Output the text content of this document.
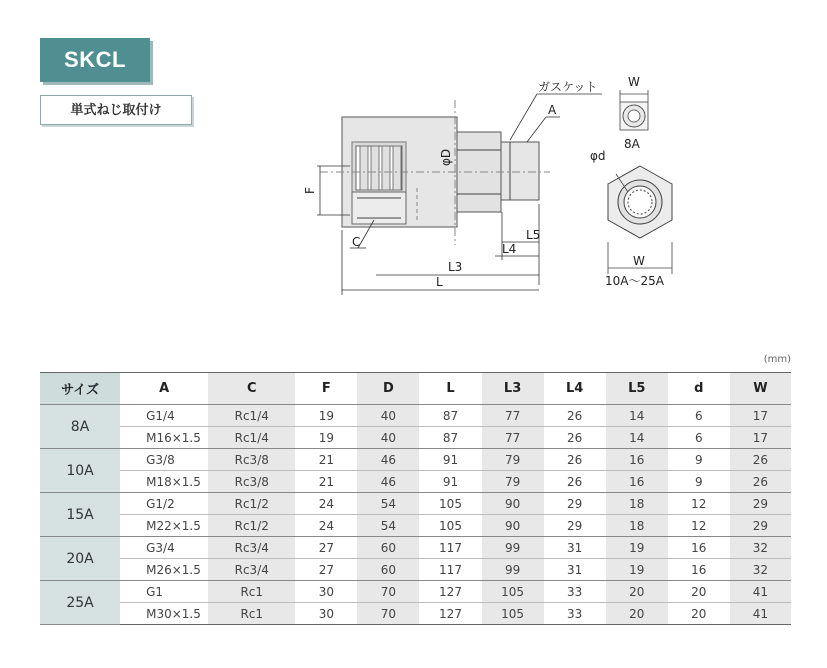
SKCL
単式ねじ取付け
ガスケット
A
φD
F
C	L5
L4
L3
L
W
8A
φd
W
10A～25A
(mm)
サイズ	A	C	F	D	L	L3	L4	L5	d	W
8A	G1/4	Rc1/4	19	40	87	77	26	14	6	17
	M16×1.5	Rc1/4	19	40	87	77	26	14	6	17
10A	G3/8	Rc3/8	21	46	91	79	26	16	9	26
	M18×1.5	Rc3/8	21	46	91	79	26	16	9	26
15A	G1/2	Rc1/2	24	54	105	90	29	18	12	29
	M22×1.5	Rc1/2	24	54	105	90	29	18	12	29
20A	G3/4	Rc3/4	27	60	117	99	31	19	16	32
	M26×1.5	Rc3/4	27	60	117	99	31	19	16	32
25A	G1	Rc1	30	70	127	105	33	20	20	41
	M30×1.5	Rc1	30	70	127	105	33	20	20	41
